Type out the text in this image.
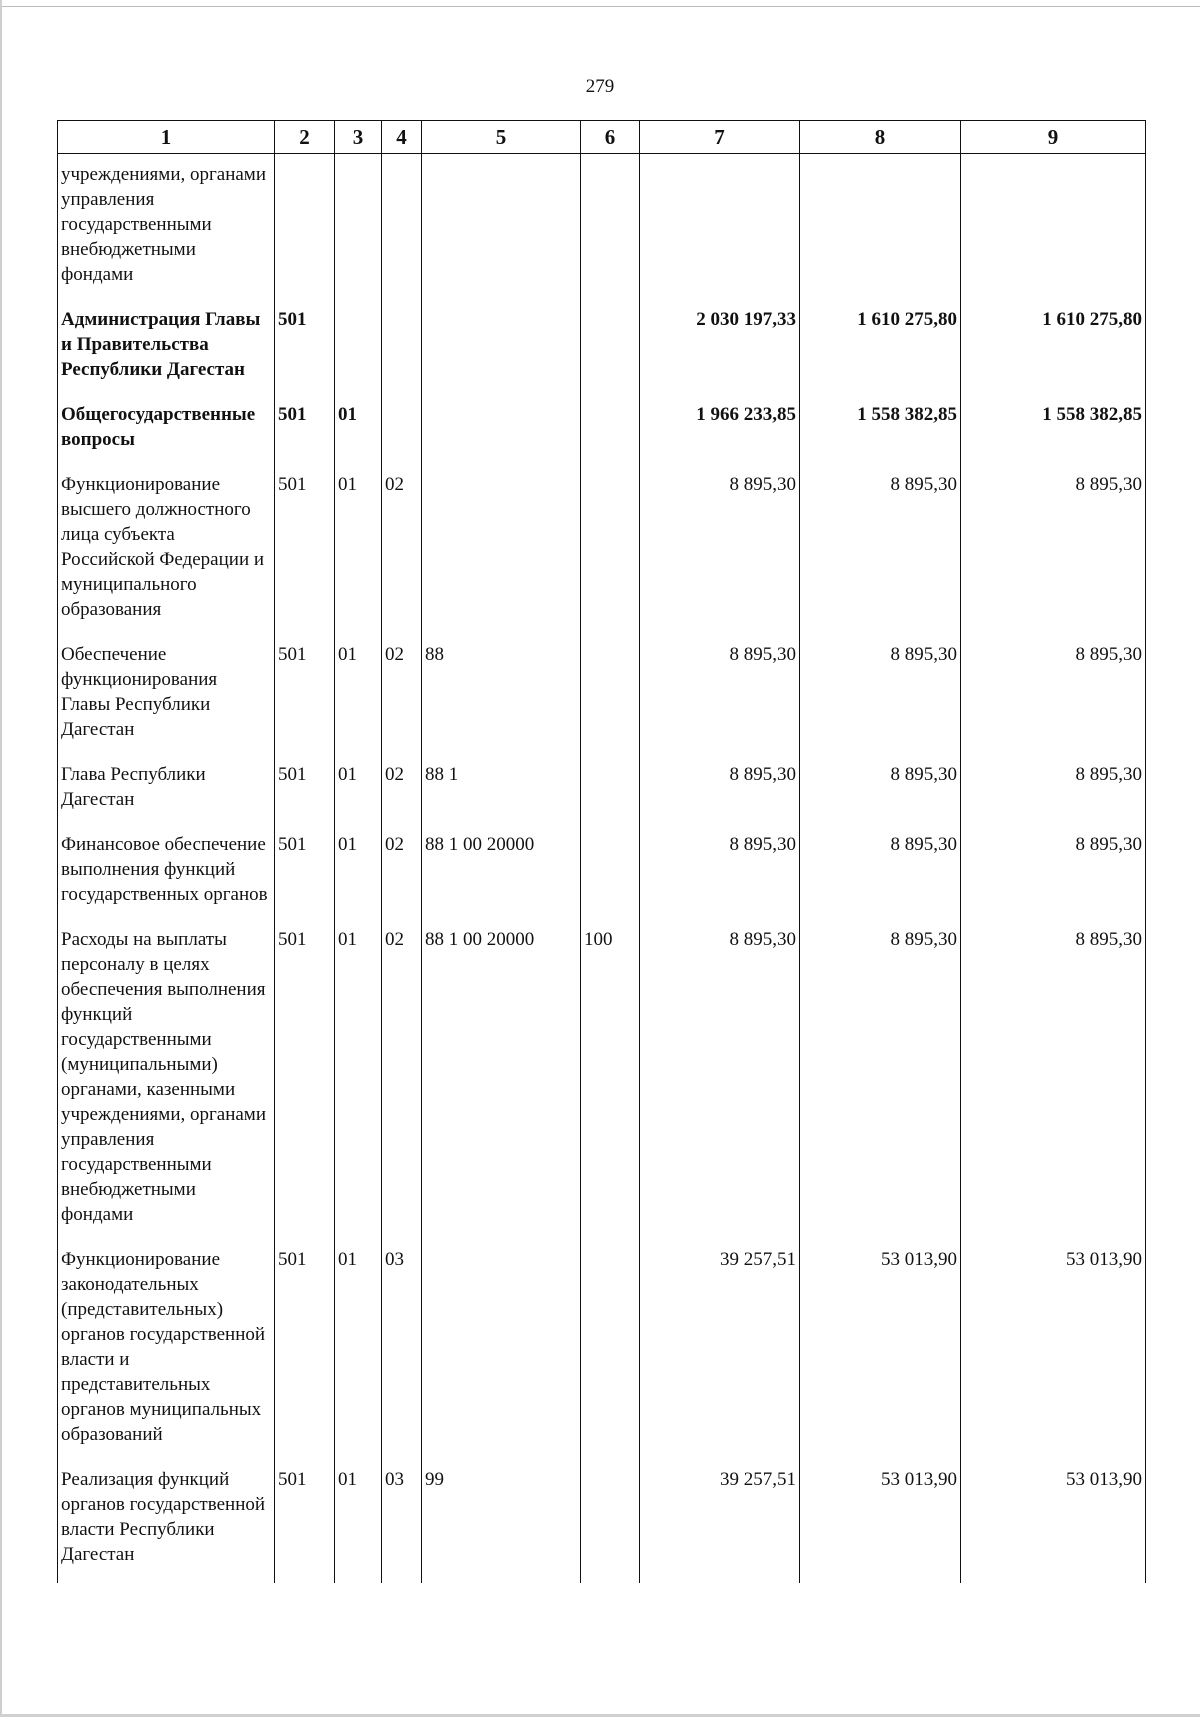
279
1	2	3	4	5	6	7	8	9
учреждениями, органами управления государственными внебюджетными фондами								
Администрация Главы и Правительства Республики Дагестан	501					2 030 197,33	1 610 275,80	1 610 275,80
Общегосударственные вопросы	501	01				1 966 233,85	1 558 382,85	1 558 382,85
Функционирование высшего должностного лица субъекта Российской Федерации и муниципального образования	501	01	02			8 895,30	8 895,30	8 895,30
Обеспечение функционирования Главы Республики Дагестан	501	01	02	88		8 895,30	8 895,30	8 895,30
Глава Республики Дагестан	501	01	02	88 1		8 895,30	8 895,30	8 895,30
Финансовое обеспечение выполнения функций государственных органов	501	01	02	88 1 00 20000		8 895,30	8 895,30	8 895,30
Расходы на выплаты персоналу в целях обеспечения выполнения функций государственными (муниципальными) органами, казенными учреждениями, органами управления государственными внебюджетными фондами	501	01	02	88 1 00 20000	100	8 895,30	8 895,30	8 895,30
Функционирование законодательных (представительных) органов государственной власти и представительных органов муниципальных образований	501	01	03			39 257,51	53 013,90	53 013,90
Реализация функций органов государственной власти Республики Дагестан	501	01	03	99		39 257,51	53 013,90	53 013,90
